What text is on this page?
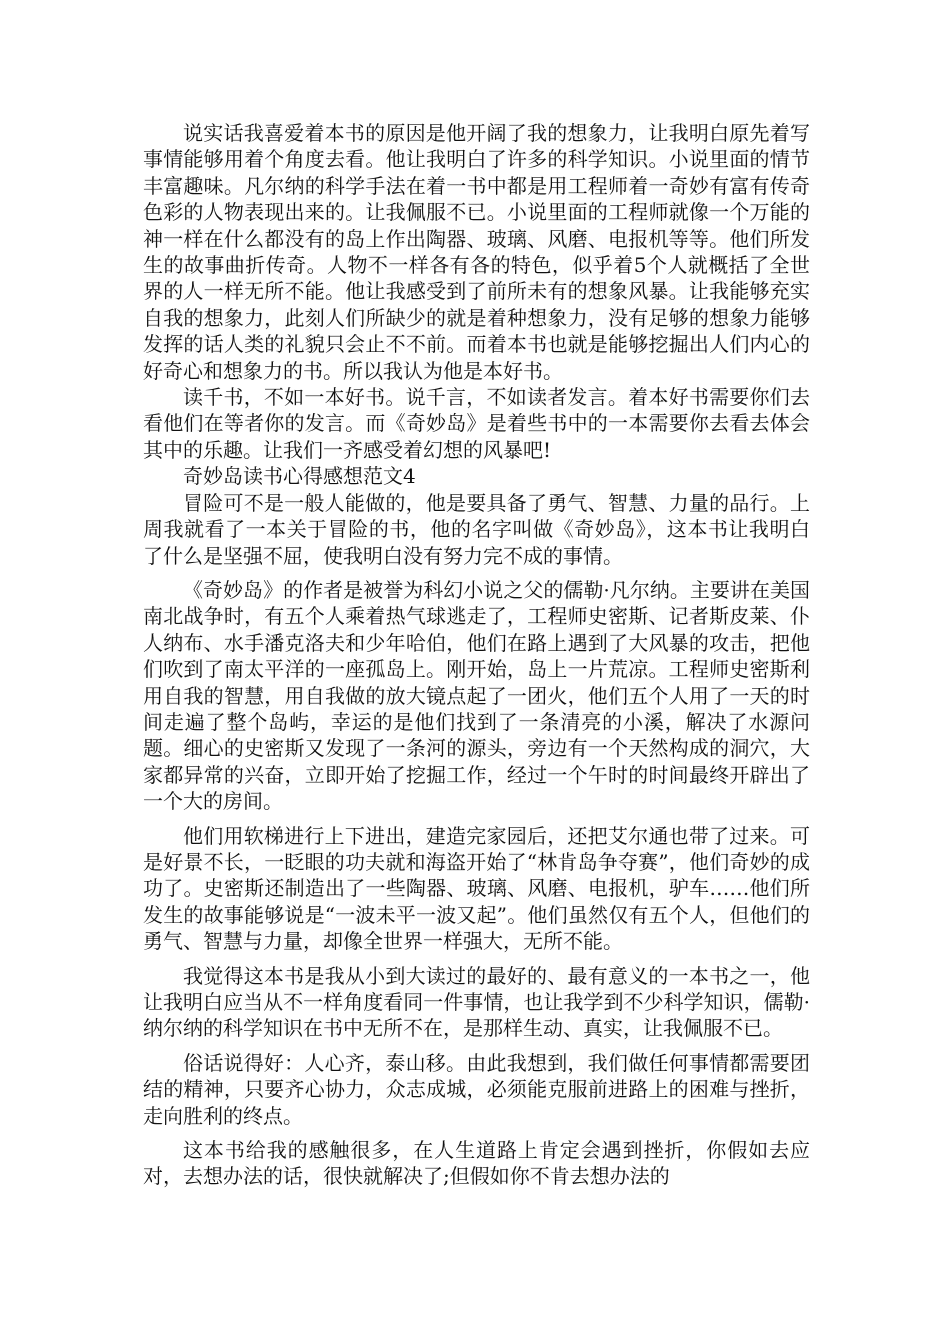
说实话我喜爱着本书的原因是他开阔了我的想象力，让我明白原先着写事情能够用着个角度去看。他让我明白了许多的科学知识。小说里面的情节丰富趣味。凡尔纳的科学手法在着一书中都是用工程师着一奇妙有富有传奇色彩的人物表现出来的。让我佩服不已。小说里面的工程师就像一个万能的神一样在什么都没有的岛上作出陶器、玻璃、风磨、电报机等等。他们所发生的故事曲折传奇。人物不一样各有各的特色，似乎着5个人就概括了全世界的人一样无所不能。他让我感受到了前所未有的想象风暴。让我能够充实自我的想象力，此刻人们所缺少的就是着种想象力，没有足够的想象力能够发挥的话人类的礼貌只会止不不前。而着本书也就是能够挖掘出人们内心的好奇心和想象力的书。所以我认为他是本好书。

读千书，不如一本好书。说千言，不如读者发言。着本好书需要你们去看他们在等者你的发言。而《奇妙岛》是着些书中的一本需要你去看去体会其中的乐趣。让我们一齐感受着幻想的风暴吧!

奇妙岛读书心得感想范文4

冒险可不是一般人能做的，他是要具备了勇气、智慧、力量的品行。上周我就看了一本关于冒险的书，他的名字叫做《奇妙岛》，这本书让我明白了什么是坚强不屈，使我明白没有努力完不成的事情。

《奇妙岛》的作者是被誉为科幻小说之父的儒勒·凡尔纳。主要讲在美国南北战争时，有五个人乘着热气球逃走了，工程师史密斯、记者斯皮莱、仆人纳布、水手潘克洛夫和少年哈伯，他们在路上遇到了大风暴的攻击，把他们吹到了南太平洋的一座孤岛上。刚开始，岛上一片荒凉。工程师史密斯利用自我的智慧，用自我做的放大镜点起了一团火，他们五个人用了一天的时间走遍了整个岛屿，幸运的是他们找到了一条清亮的小溪，解决了水源问题。细心的史密斯又发现了一条河的源头，旁边有一个天然构成的洞穴，大家都异常的兴奋，立即开始了挖掘工作，经过一个午时的时间最终开辟出了一个大的房间。

他们用软梯进行上下进出，建造完家园后，还把艾尔通也带了过来。可是好景不长，一眨眼的功夫就和海盗开始了“林肯岛争夺赛”，他们奇妙的成功了。史密斯还制造出了一些陶器、玻璃、风磨、电报机，驴车……他们所发生的故事能够说是“一波未平一波又起”。他们虽然仅有五个人，但他们的勇气、智慧与力量，却像全世界一样强大，无所不能。

我觉得这本书是我从小到大读过的最好的、最有意义的一本书之一，他让我明白应当从不一样角度看同一件事情，也让我学到不少科学知识，儒勒·纳尔纳的科学知识在书中无所不在，是那样生动、真实，让我佩服不已。

俗话说得好：人心齐，泰山移。由此我想到，我们做任何事情都需要团结的精神，只要齐心协力，众志成城，必须能克服前进路上的困难与挫折，走向胜利的终点。

这本书给我的感触很多，在人生道路上肯定会遇到挫折，你假如去应对，去想办法的话，很快就解决了;但假如你不肯去想办法的
